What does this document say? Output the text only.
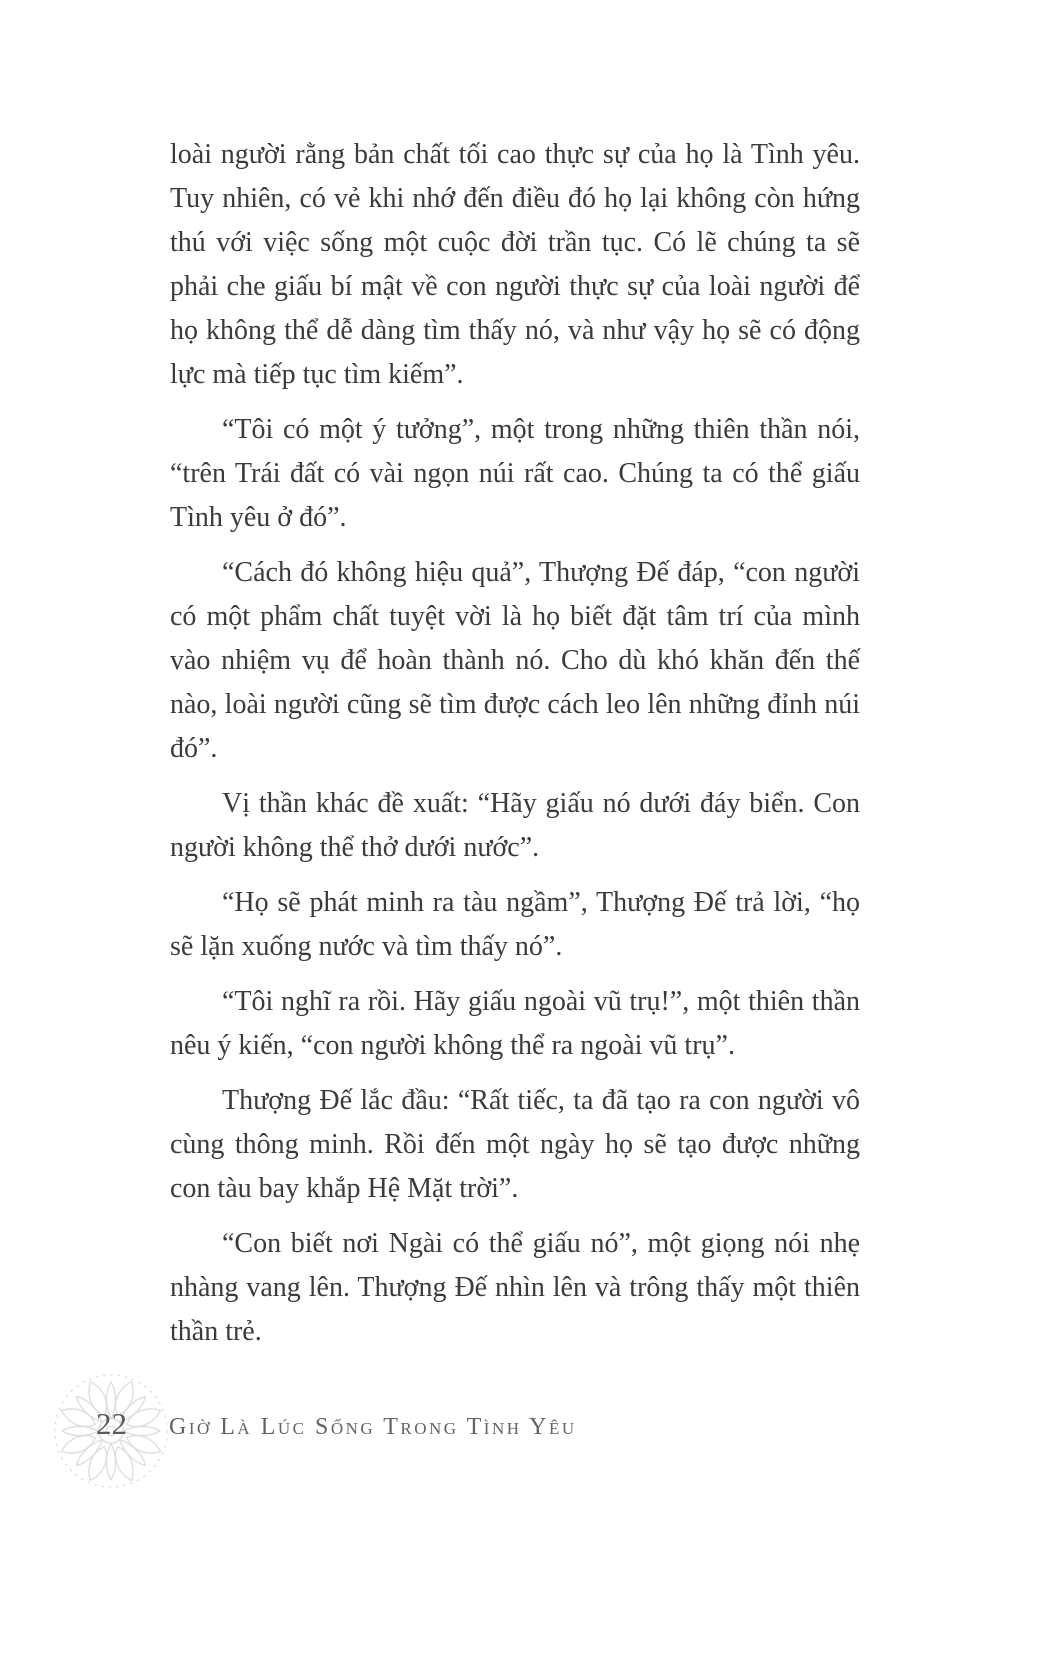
loài người rằng bản chất tối cao thực sự của họ là Tình yêu. Tuy nhiên, có vẻ khi nhớ đến điều đó họ lại không còn hứng thú với việc sống một cuộc đời trần tục. Có lẽ chúng ta sẽ phải che giấu bí mật về con người thực sự của loài người để họ không thể dễ dàng tìm thấy nó, và như vậy họ sẽ có động lực mà tiếp tục tìm kiếm”.

“Tôi có một ý tưởng”, một trong những thiên thần nói, “trên Trái đất có vài ngọn núi rất cao. Chúng ta có thể giấu Tình yêu ở đó”.

“Cách đó không hiệu quả”, Thượng Đế đáp, “con người có một phẩm chất tuyệt vời là họ biết đặt tâm trí của mình vào nhiệm vụ để hoàn thành nó. Cho dù khó khăn đến thế nào, loài người cũng sẽ tìm được cách leo lên những đỉnh núi đó”.

Vị thần khác đề xuất: “Hãy giấu nó dưới đáy biển. Con người không thể thở dưới nước”.

“Họ sẽ phát minh ra tàu ngầm”, Thượng Đế trả lời, “họ sẽ lặn xuống nước và tìm thấy nó”.

“Tôi nghĩ ra rồi. Hãy giấu ngoài vũ trụ!”, một thiên thần nêu ý kiến, “con người không thể ra ngoài vũ trụ”.

Thượng Đế lắc đầu: “Rất tiếc, ta đã tạo ra con người vô cùng thông minh. Rồi đến một ngày họ sẽ tạo được những con tàu bay khắp Hệ Mặt trời”.

“Con biết nơi Ngài có thể giấu nó”, một giọng nói nhẹ nhàng vang lên. Thượng Đế nhìn lên và trông thấy một thiên thần trẻ.

22 Giờ Là Lúc Sống Trong Tình Yêu
